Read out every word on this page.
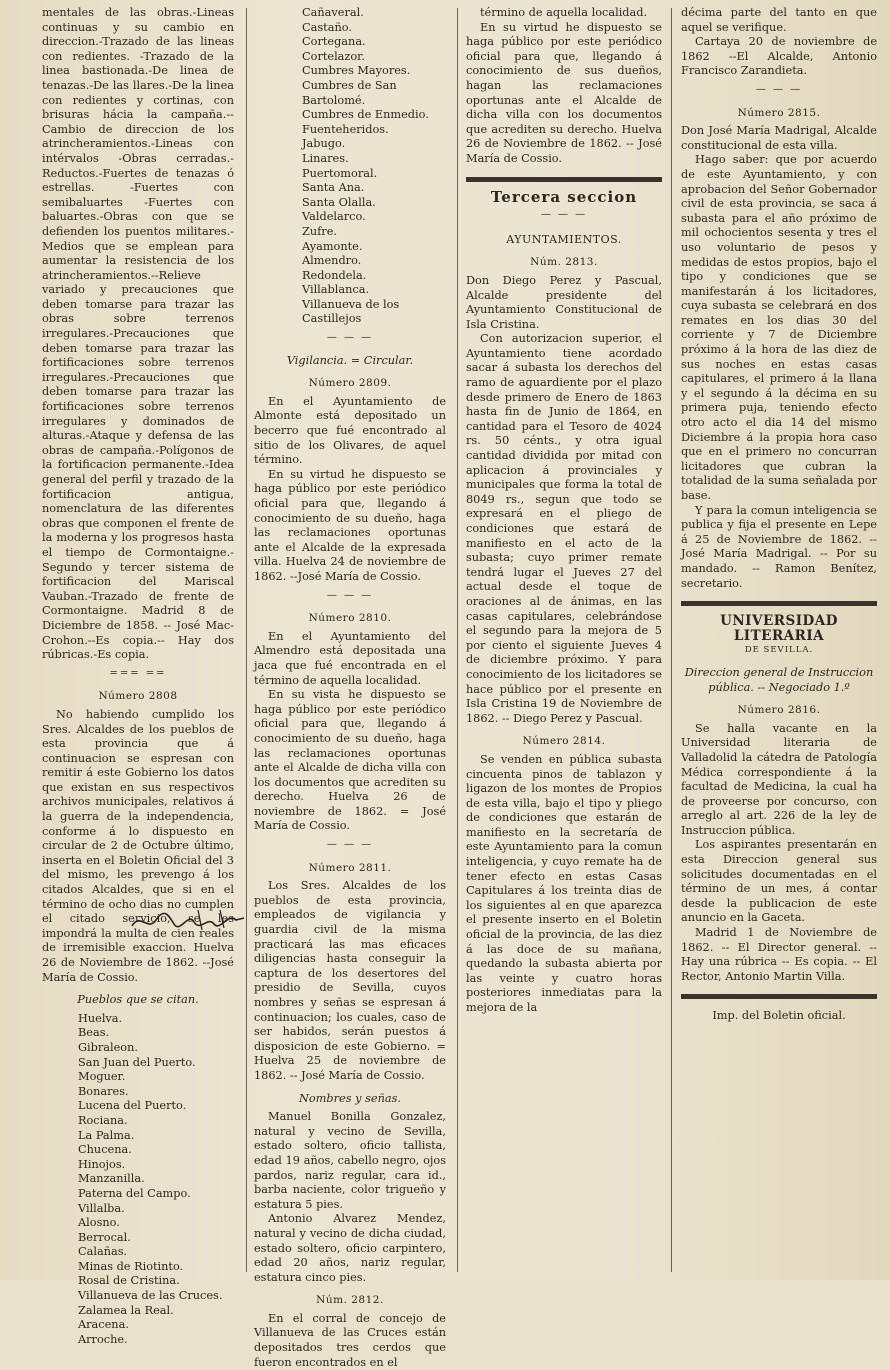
mentales de las obras.-Lineas continuas y su cambio en direccion.-Trazado de las lineas con redientes. -Trazado de la linea bastionada.-De linea de tenazas.-De las llares.-De la linea con redientes y cortinas, con brisuras hácia la campaña.--Cambio de direccion de los atrincheramientos.-Lineas con intérvalos -Obras cerradas.-Reductos.-Fuertes de tenazas ó estrellas. -Fuertes con semibaluartes -Fuertes con baluartes.-Obras con que se defienden los puentos militares.-Medios que se emplean para aumentar la resistencia de los atrincheramientos.--Relieve variado y precauciones que deben tomarse para trazar las obras sobre terrenos irregulares.-Precauciones que deben tomarse para trazar las fortificaciones sobre terrenos irregulares.-Precauciones que deben tomarse para trazar las fortificaciones sobre terrenos irregulares y dominados de alturas.-Ataque y defensa de las obras de campaña.-Polígonos de la fortificacion permanente.-Idea general del perfil y trazado de la fortificacion antigua, nomenclatura de las diferentes obras que componen el frente de la moderna y los progresos hasta el tiempo de Cormontaigne.-Segundo y tercer sistema de fortificacion del Mariscal Vauban.-Trazado de frente de Cormontaigne. Madrid 8 de Diciembre de 1858. -- José Mac-Crohon.--Es copia.-- Hay dos rúbricas.-Es copia.

=== ==
Número 2808

No habiendo cumplido los Sres. Alcaldes de los pueblos de esta provincia que á continuacion se espresan con remitir á este Gobierno los datos que existan en sus respectivos archivos municipales, relativos á la guerra de la independencia, conforme á lo dispuesto en circular de 2 de Octubre último, inserta en el Boletin Oficial del 3 del mismo, les prevengo á los citados Alcaldes, que si en el término de ocho dias no cumplen el citado servicio, se les impondrá la multa de cien reales de irremisible exaccion. Huelva 26 de Noviembre de 1862. --José María de Cossio.

Pueblos que se citan.
Huelva.
Beas.
Gibraleon.
San Juan del Puerto.
Moguer.
Bonares.
Lucena del Puerto.
Rociana.
La Palma.
Chucena.
Hinojos.
Manzanilla.
Paterna del Campo.
Villalba.
Alosno.
Berrocal.
Calañas.
Minas de Riotinto.
Rosal de Cristina.
Villanueva de las Cruces.
Zalamea la Real.
Aracena.
Arroche.
Cañaveral.
Castaño.
Corteganа.
Cortelazor.
Cumbres Mayores.
Cumbres de San Bartolomé.
Cumbres de Enmedio.
Fuenteheridos.
Jabugo.
Linares.
Puertomoral.
Santa Ana.
Santa Olalla.
Valdelarco.
Zufre.
Ayamonte.
Almendro.
Redondela.
Villablanca.
Villanueva de los Castillejos
— — —
Vigilancia. = Circular.
Número 2809.

En el Ayuntamiento de Almonte está depositado un becerro que fué encontrado al sitio de los Olivares, de aquel término.

En su virtud he dispuesto se haga público por este periódico oficial para que, llegando á conocimiento de su dueño, haga las reclamaciones oportunas ante el Alcalde de la expresada villa. Huelva 24 de noviembre de 1862. --José María de Cossio.

— — —
Número 2810.

En el Ayuntamiento del Almendro está depositada una jaca que fué encontrada en el término de aquella localidad.

En su vista he dispuesto se haga público por este periódico oficial para que, llegando á conocimiento de su dueño, haga las reclamaciones oportunas ante el Alcalde de dicha villa con los documentos que acrediten su derecho. Huelva 26 de noviembre de 1862. = José María de Cossio.

— — —
Número 2811.

Los Sres. Alcaldes de los pueblos de esta provincia, empleados de vigilancia y guardia civil de la misma practicará las mas eficaces diligencias hasta conseguir la captura de los desertores del presidio de Sevilla, cuyos nombres y señas se espresan á continuacion; los cuales, caso de ser habidos, serán puestos á disposicion de este Gobierno. = Huelva 25 de noviembre de 1862. -- José María de Cossio.

Nombres y señas.

Manuel Bonilla Gonzalez, natural y vecino de Sevilla, estado soltero, oficio tallista, edad 19 años, cabello negro, ojos pardos, nariz regular, cara id., barba naciente, color trigueño y estatura 5 pies.

Antonio Alvarez Mendez, natural y vecino de dicha ciudad, estado soltero, oficio carpintero, edad 20 años, nariz regular, estatura cinco pies.

Núm. 2812.

En el corral de concejo de Villanueva de las Cruces están depositados tres cerdos que fueron encontrados en el

término de aquella localidad.

En su virtud he dispuesto se haga público por este periódico oficial para que, llegando á conocimiento de sus dueños, hagan las reclamaciones oportunas ante el Alcalde de dicha villa con los documentos que acrediten su derecho. Huelva 26 de Noviembre de 1862. -- José María de Cossio.

Tercera seccion
— — —
AYUNTAMIENTOS.
Núm. 2813.

Don Diego Perez y Pascual, Alcalde presidente del Ayuntamiento Constitucional de Isla Cristina.

Con autorizacion superior, el Ayuntamiento tiene acordado sacar á subasta los derechos del ramo de aguardiente por el plazo desde primero de Enero de 1863 hasta fin de Junio de 1864, en cantidad para el Tesoro de 4024 rs. 50 cénts., y otra igual cantidad dividida por mitad con aplicacion á provinciales y municipales que forma la total de 8049 rs., segun que todo se expresará en el pliego de condiciones que estará de manifiesto en el acto de la subasta; cuyo primer remate tendrá lugar el Jueves 27 del actual desde el toque de oraciones al de ánimas, en las casas capitulares, celebrándose el segundo para la mejora de 5 por ciento el siguiente Jueves 4 de diciembre próximo. Y para conocimiento de los licitadores se hace público por el presente en Isla Cristina 19 de Noviembre de 1862. -- Diego Perez y Pascual.

Número 2814.

Se venden en pública subasta cincuenta pinos de tablazon y ligazon de los montes de Propios de esta villa, bajo el tipo y pliego de condiciones que estarán de manifiesto en la secretaría de este Ayuntamiento para la comun inteligencia, y cuyo remate ha de tener efecto en estas Casas Capitulares á los treinta dias de los siguientes al en que aparezca el presente inserto en el Boletin oficial de la provincia, de las diez á las doce de su mañana, quedando la subasta abierta por las veinte y cuatro horas posteriores inmediatas para la mejora de la

décima parte del tanto en que aquel se verifique.

Cartaya 20 de noviembre de 1862 --El Alcalde, Antonio Francisco Zarandieta.

— — —
Número 2815.

Don José María Madrigal, Alcalde constitucional de esta villa.

Hago saber: que por acuerdo de este Ayuntamiento, y con aprobacion del Señor Gobernador civil de esta provincia, se saca á subasta para el año próximo de mil ochocientos sesenta y tres el uso voluntario de pesos y medidas de estos propios, bajo el tipo y condiciones que se manifestarán á los licitadores, cuya subasta se celebrará en dos remates en los dias 30 del corriente y 7 de Diciembre próximo á la hora de las diez de sus noches en estas casas capitulares, el primero á la llana y el segundo á la décima en su primera puja, teniendo efecto otro acto el dia 14 del mismo Diciembre á la propia hora caso que en el primero no concurran licitadores que cubran la totalidad de la suma señalada por base.

Y para la comun inteligencia se publica y fija el presente en Lepe á 25 de Noviembre de 1862. -- José María Madrigal. -- Por su mandado. -- Ramon Benítez, secretario.

UNIVERSIDAD LITERARIA
DE SEVILLA.
Direccion general de Instruccion pública. -- Negociado 1.º
Número 2816.

Se halla vacante en la Universidad literaria de Valladolid la cátedra de Patología Médica correspondiente á la facultad de Medicina, la cual ha de proveerse por concurso, con arreglo al art. 226 de la ley de Instruccion pública.

Los aspirantes presentarán en esta Direccion general sus solicitudes documentadas en el término de un mes, á contar desde la publicacion de este anuncio en la Gaceta.

Madrid 1 de Noviembre de 1862. -- El Director general. -- Hay una rúbrica -- Es copia. -- El Rector, Antonio Martin Villa.

Imp. del Boletin oficial.
